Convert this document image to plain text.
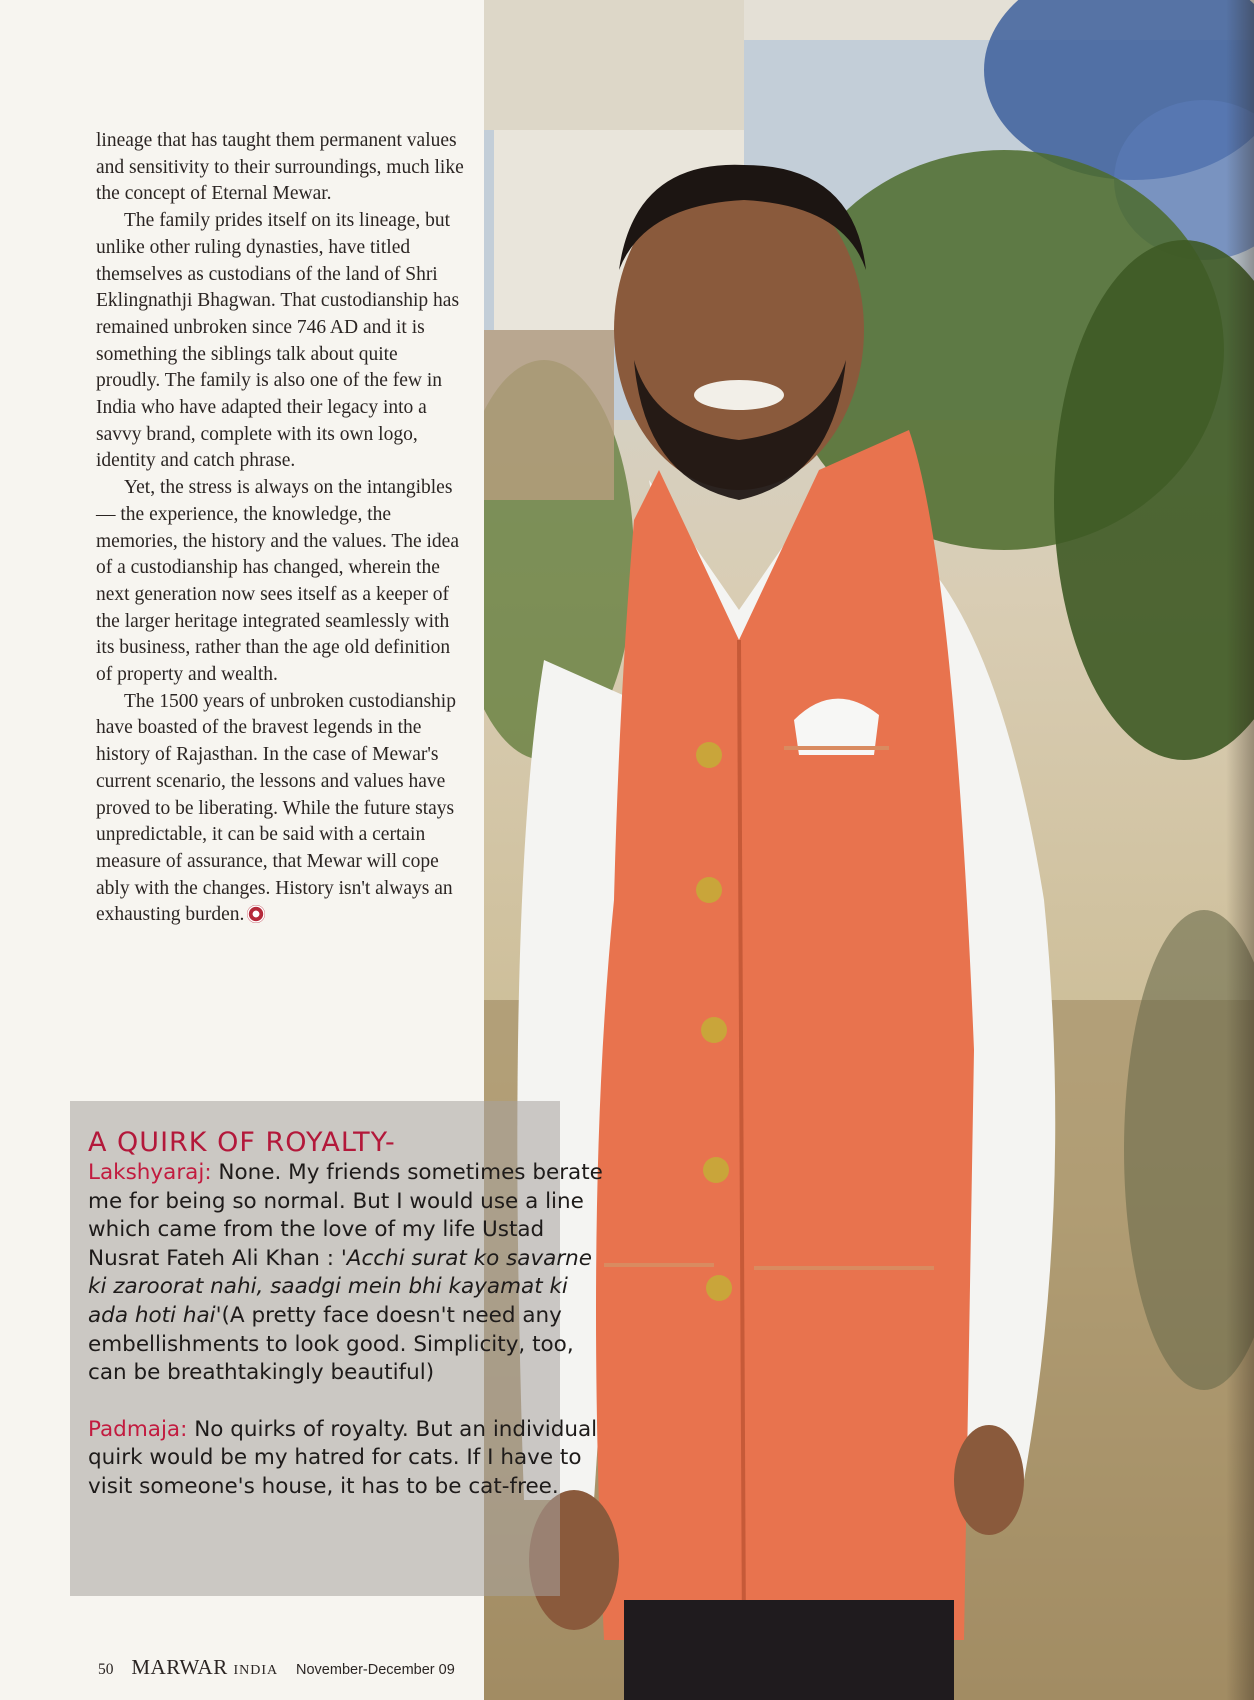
lineage that has taught them permanent values and sensitivity to their surroundings, much like the concept of Eternal Mewar.

The family prides itself on its lineage, but unlike other ruling dynasties, have titled themselves as custodians of the land of Shri Eklingnathji Bhagwan. That custodianship has remained unbroken since 746 AD and it is something the siblings talk about quite proudly. The family is also one of the few in India who have adapted their legacy into a savvy brand, complete with its own logo, identity and catch phrase.

Yet, the stress is always on the intangibles — the experience, the knowledge, the memories, the history and the values. The idea of a custodianship has changed, wherein the next generation now sees itself as a keeper of the larger heritage integrated seamlessly with its business, rather than the age old definition of property and wealth.

The 1500 years of unbroken custodianship have boasted of the bravest legends in the history of Rajasthan. In the case of Mewar's current scenario, the lessons and values have proved to be liberating. While the future stays unpredictable, it can be said with a certain measure of assurance, that Mewar will cope ably with the changes. History isn't always an exhausting burden.

A QUIRK OF ROYALTY-
Lakshyaraj: None. My friends sometimes berate me for being so normal. But I would use a line which came from the love of my life Ustad Nusrat Fateh Ali Khan : 'Acchi surat ko savarne ki zaroorat nahi, saadgi mein bhi kayamat ki ada hoti hai'(A pretty face doesn't need any embellishments to look good. Simplicity, too, can be breathtakingly beautiful)
Padmaja: No quirks of royalty. But an individual quirk would be my hatred for cats. If I have to visit someone's house, it has to be cat-free.
50 MARWAR INDIA November-December 09
